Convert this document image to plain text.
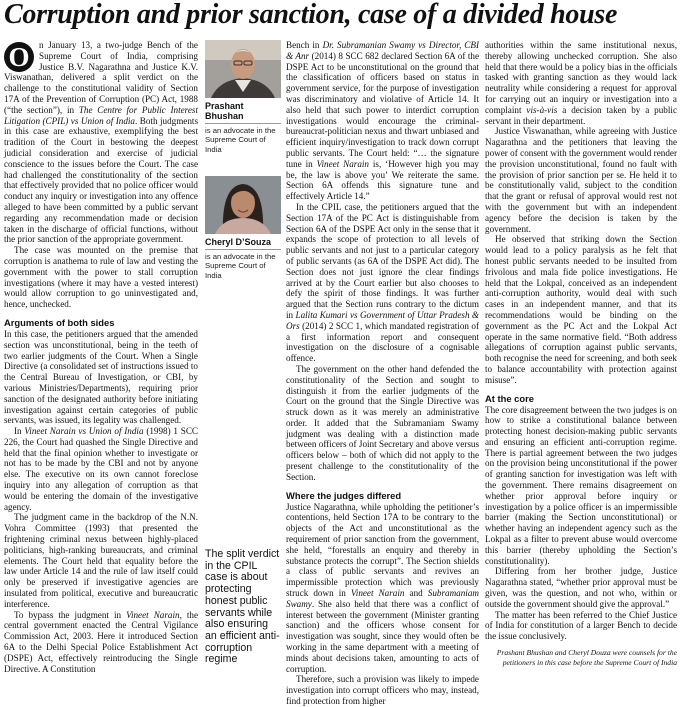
Corruption and prior sanction, case of a divided house

O	n January 13, a two-judge Bench of the Supreme Court of India, comprising Justice B.V. Nagarathna and Justice K.V. Viswanathan, delivered a split verdict on the challenge to the constitutional validity of Section 17A of the Prevention of Corruption (PC) Act, 1988 (“the section”), in The Centre for Public Interest Litigation (CPIL) vs Union of India. Both judgments in this case are exhaustive, exemplifying the best tradition of the Court in bestowing the deepest judicial consideration and exercise of judicial conscience to the issues before the Court. The case had challenged the constitutionality of the section that effectively provided that no police officer would conduct any inquiry or investigation into any offence alleged to have been committed by a public servant regarding any recommendation made or decision taken in the discharge of official functions, without the prior sanction of the appropriate government.

The case was mounted on the premise that corruption is anathema to rule of law and vesting the government with the power to stall corruption investigations (where it may have a vested interest) would allow corruption to go uninvestigated and, hence, unchecked.

Arguments of both sides

In this case, the petitioners argued that the amended section was unconstitutional, being in the teeth of two earlier judgments of the Court. When a Single Directive (a consolidated set of instructions issued to the Central Bureau of Investigation, or CBI, by various Ministries/Departments), requiring prior sanction of the designated authority before initiating investigation against certain categories of public servants, was issued, its legality was challenged.

In Vineet Narain vs Union of India (1998) 1 SCC 226, the Court had quashed the Single Directive and held that the final opinion whether to investigate or not has to be made by the CBI and not by anyone else. The executive on its own cannot foreclose inquiry into any allegation of corruption as that would be entering the domain of the investigative agency.

The judgment came in the backdrop of the N.N. Vohra Committee (1993) that presented the frightening criminal nexus between highly-placed politicians, high-ranking bureaucrats, and criminal elements. The Court held that equality before the law under Article 14 and the rule of law itself could only be preserved if investigative agencies are insulated from political, executive and bureaucratic interference.

To bypass the judgment in Vineet Narain, the central government enacted the Central Vigilance Commission Act, 2003. Here it introduced Section 6A to the Delhi Special Police Establishment Act (DSPE) Act, effectively reintroducing the Single Directive. A Constitution

Prashant Bhushan
is an advocate in the Supreme Court of India
Cheryl D’Souza
is an advocate in the Supreme Court of India
The split verdict in the CPIL case is about protecting honest public servants while also ensuring an efficient anti-corruption regime

Bench in Dr. Subramanian Swamy vs Director, CBI & Anr (2014) 8 SCC 682 declared Section 6A of the DSPE Act to be unconstitutional on the ground that the classification of officers based on status in government service, for the purpose of investigation was discriminatory and violative of Article 14. It also held that such power to interdict corruption investigations would encourage the criminal-bureaucrat-politician nexus and thwart unbiased and efficient inquiry/investigation to track down corrupt public servants. The Court held: “… the signature tune in Vineet Narain is, ‘However high you may be, the law is above you’ We reiterate the same. Section 6A offends this signature tune and effectively Article 14.”

In the CPIL case, the petitioners argued that the Section 17A of the PC Act is distinguishable from Section 6A of the DSPE Act only in the sense that it expands the scope of protection to all levels of public servants and not just to a particular category of public servants (as 6A of the DSPE Act did). The Section does not just ignore the clear findings arrived at by the Court earlier but also chooses to defy the spirit of those findings. It was further argued that the Section runs contrary to the dictum in Lalita Kumari vs Government of Uttar Pradesh & Ors (2014) 2 SCC 1, which mandated registration of a first information report and consequent investigation on the disclosure of a cognisable offence.

The government on the other hand defended the constitutionality of the Section and sought to distinguish it from the earlier judgments of the Court on the ground that the Single Directive was struck down as it was merely an administrative order. It added that the Subramaniam Swamy judgment was dealing with a distinction made between officers of Joint Secretary and above versus officers below – both of which did not apply to the present challenge to the constitutionality of the Section.

Where the judges differed

Justice Nagarathna, while upholding the petitioner’s contentions, held Section 17A to be contrary to the objects of the Act and unconstitutional as the requirement of prior sanction from the government, she held, “forestalls an enquiry and thereby in substance protects the corrupt”. The Section shields a class of public servants and revives an impermissible protection which was previously struck down in Vineet Narain and Subramaniam Swamy. She also held that there was a conflict of interest between the government (Minister granting sanction) and the officers whose consent for investigation was sought, since they would often be working in the same department with a meeting of minds about decisions taken, amounting to acts of corruption.

Therefore, such a provision was likely to impede investigation into corrupt officers who may, instead, find protection from higher

authorities within the same institutional nexus, thereby allowing unchecked corruption. She also held that there would be a policy bias in the officials tasked with granting sanction as they would lack neutrality while considering a request for approval for carrying out an inquiry or investigation into a complaint vis-à-vis a decision taken by a public servant in their department.

Justice Viswanathan, while agreeing with Justice Nagarathna and the petitioners that leaving the power of consent with the government would render the provision unconstitutional, found no fault with the provision of prior sanction per se. He held it to be constitutionally valid, subject to the condition that the grant or refusal of approval would rest not with the government but with an independent agency before the decision is taken by the government.

He observed that striking down the Section would lead to a policy paralysis as he felt that honest public servants needed to be insulted from frivolous and mala fide police investigations. He held that the Lokpal, conceived as an independent anti-corruption authority, would deal with such cases in an independent manner, and that its recommendations would be binding on the government as the PC Act and the Lokpal Act operate in the same normative field. “Both address allegations of corruption against public servants, both recognise the need for screening, and both seek to balance accountability with protection against misuse”.

At the core

The core disagreement between the two judges is on how to strike a constitutional balance between protecting honest decision-making public servants and ensuring an efficient anti-corruption regime. There is partial agreement between the two judges on the provision being unconstitutional if the power of granting sanction for investigation was left with the government. There remains disagreement on whether prior approval before inquiry or investigation by a police officer is an impermissible barrier (making the Section unconstitutional) or whether having an independent agency such as the Lokpal as a filter to prevent abuse would overcome this barrier (thereby upholding the Section’s constitutionality).

Differing from her brother judge, Justice Nagarathna stated, “whether prior approval must be given, was the question, and not who, within or outside the government should give the approval.”

The matter has been referred to the Chief Justice of India for constitution of a larger Bench to decide the issue conclusively.

Prashant Bhushan and Cheryl Douza were counsels for the petitioners in this case before the Supreme Court of India
